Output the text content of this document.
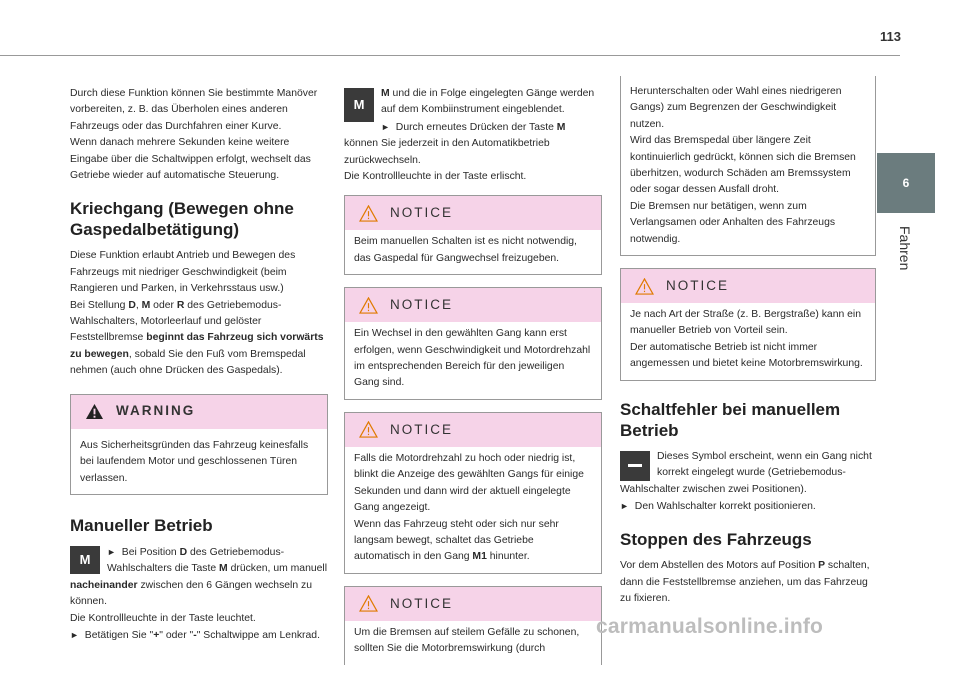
113
6
Fahren

Durch diese Funktion können Sie bestimmte Manöver vorbereiten, z. B. das Überholen eines anderen Fahrzeugs oder das Durchfahren einer Kurve.

Wenn danach mehrere Sekunden keine weitere Eingabe über die Schaltwippen erfolgt, wechselt das Getriebe wieder auf automatische Steuerung.

Kriechgang (Bewegen ohne Gaspedalbetätigung)

Diese Funktion erlaubt Antrieb und Bewegen des Fahrzeugs mit niedriger Geschwindigkeit (beim Rangieren und Parken, in Verkehrsstaus usw.)

Bei Stellung D, M oder R des Getriebemodus-Wahlschalters, Motorleerlauf und gelöster Feststellbremse beginnt das Fahrzeug sich vorwärts zu bewegen, sobald Sie den Fuß vom Bremspedal nehmen (auch ohne Drücken des Gaspedals).

WARNING
Aus Sicherheitsgründen das Fahrzeug keinesfalls bei laufendem Motor und geschlossenen Türen verlassen.
Manueller Betrieb
M	► Bei Position D des Getriebemodus-Wahlschalters die Taste M drücken, um manuell nacheinander zwischen den 6 Gängen wechseln zu können.

Die Kontrollleuchte in der Taste leuchtet.

► Betätigen Sie "+" oder "-" Schaltwippe am Lenkrad.

M

M und die in Folge eingelegten Gänge werden auf dem Kombiinstrument eingeblendet.

► Durch erneutes Drücken der Taste M können Sie jederzeit in den Automatikbetrieb zurückwechseln.

Die Kontrollleuchte in der Taste erlischt.

NOTICE
Beim manuellen Schalten ist es nicht notwendig, das Gaspedal für Gangwechsel freizugeben.
NOTICE
Ein Wechsel in den gewählten Gang kann erst erfolgen, wenn Geschwindigkeit und Motordrehzahl im entsprechenden Bereich für den jeweiligen Gang sind.
NOTICE

Falls die Motordrehzahl zu hoch oder niedrig ist, blinkt die Anzeige des gewählten Gangs für einige Sekunden und dann wird der aktuell eingelegte Gang angezeigt.

Wenn das Fahrzeug steht oder sich nur sehr langsam bewegt, schaltet das Getriebe automatisch in den Gang M1 hinunter.

NOTICE
Um die Bremsen auf steilem Gefälle zu schonen, sollten Sie die Motorbremswirkung (durch

Herunterschalten oder Wahl eines niedrigeren Gangs) zum Begrenzen der Geschwindigkeit nutzen.

Wird das Bremspedal über längere Zeit kontinuierlich gedrückt, können sich die Bremsen überhitzen, wodurch Schäden am Bremssystem oder sogar dessen Ausfall droht.

Die Bremsen nur betätigen, wenn zum Verlangsamen oder Anhalten des Fahrzeugs notwendig.

NOTICE

Je nach Art der Straße (z. B. Bergstraße) kann ein manueller Betrieb von Vorteil sein.

Der automatische Betrieb ist nicht immer angemessen und bietet keine Motorbremswirkung.

Schaltfehler bei manuellem Betrieb

Dieses Symbol erscheint, wenn ein Gang nicht korrekt eingelegt wurde (Getriebemodus-Wahlschalter zwischen zwei Positionen).

► Den Wahlschalter korrekt positionieren.

Stoppen des Fahrzeugs

Vor dem Abstellen des Motors auf Position P schalten, dann die Feststellbremse anziehen, um das Fahrzeug zu fixieren.

carmanualsonline.info
